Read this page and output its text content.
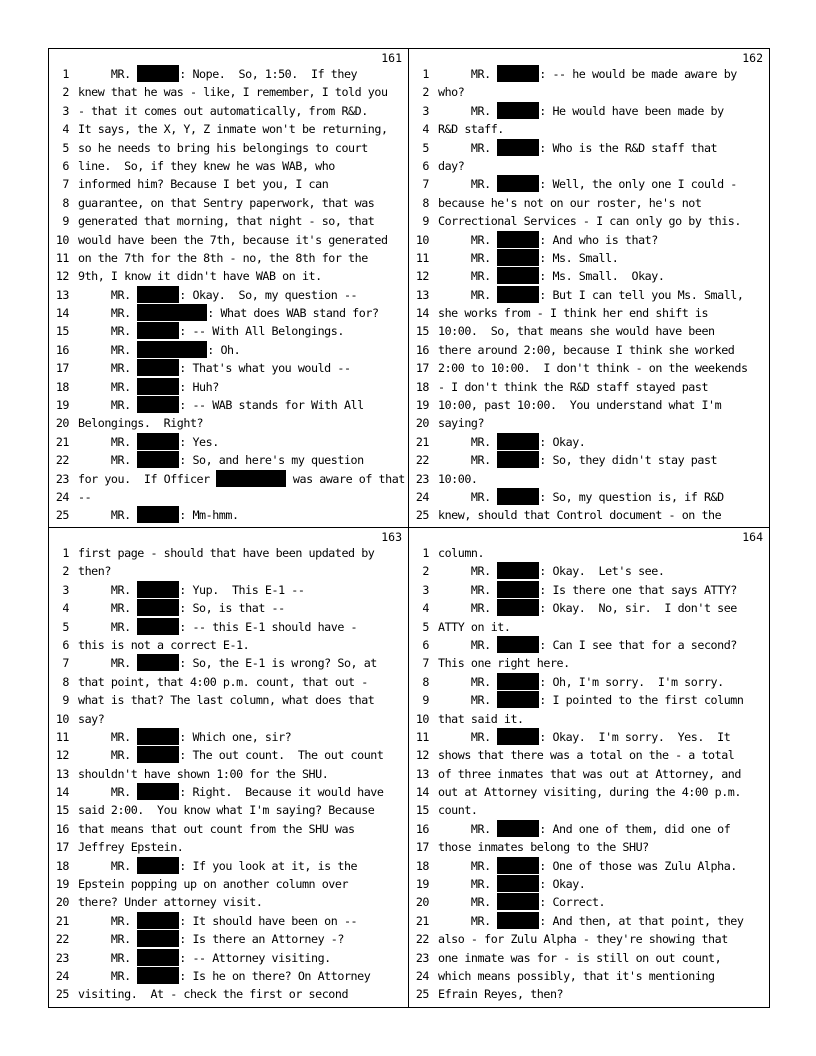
161
1     MR.	: Nope.  So, 1:50.  If they
2 knew that he was - like, I remember, I told you
3 - that it comes out automatically, from R&D.
4 It says, the X, Y, Z inmate won't be returning,
5 so he needs to bring his belongings to court
6 line.  So, if they knew he was WAB, who
7 informed him? Because I bet you, I can
8 guarantee, on that Sentry paperwork, that was
9 generated that morning, that night - so, that
10 would have been the 7th, because it's generated
11 on the 7th for the 8th - no, the 8th for the
12 9th, I know it didn't have WAB on it.
13     MR.	: Okay.  So, my question --
14     MR.	: What does WAB stand for?
15     MR.	: -- With All Belongings.
16     MR.	: Oh.
17     MR.	: That's what you would --
18     MR.	: Huh?
19     MR.	: -- WAB stands for With All
20 Belongings.  Right?
21     MR.	: Yes.
22     MR.	: So, and here's my question
23 for you.  If Officer	was aware of that
24 --
25     MR.	: Mm-hmm.
162
1     MR.	: -- he would be made aware by
2 who?
3     MR.	: He would have been made by
4 R&D staff.
5     MR.	: Who is the R&D staff that
6 day?
7     MR.	: Well, the only one I could -
8 because he's not on our roster, he's not
9 Correctional Services - I can only go by this.
10     MR.	: And who is that?
11     MR.	: Ms. Small.
12     MR.	: Ms. Small.  Okay.
13     MR.	: But I can tell you Ms. Small,
14 she works from - I think her end shift is
15 10:00.  So, that means she would have been
16 there around 2:00, because I think she worked
17 2:00 to 10:00.  I don't think - on the weekends
18 - I don't think the R&D staff stayed past
19 10:00, past 10:00.  You understand what I'm
20 saying?
21     MR.	: Okay.
22     MR.	: So, they didn't stay past
23 10:00.
24     MR.	: So, my question is, if R&D
25 knew, should that Control document - on the
163
1 first page - should that have been updated by
2 then?
3     MR.	: Yup.  This E-1 --
4     MR.	: So, is that --
5     MR.	: -- this E-1 should have -
6 this is not a correct E-1.
7     MR.	: So, the E-1 is wrong? So, at
8 that point, that 4:00 p.m. count, that out -
9 what is that? The last column, what does that
10 say?
11     MR.	: Which one, sir?
12     MR.	: The out count.  The out count
13 shouldn't have shown 1:00 for the SHU.
14     MR.	: Right.  Because it would have
15 said 2:00.  You know what I'm saying? Because
16 that means that out count from the SHU was
17 Jeffrey Epstein.
18     MR.	: If you look at it, is the
19 Epstein popping up on another column over
20 there? Under attorney visit.
21     MR.	: It should have been on --
22     MR.	: Is there an Attorney -?
23     MR.	: -- Attorney visiting.
24     MR.	: Is he on there? On Attorney
25 visiting.  At - check the first or second
164
1 column.
2     MR.	: Okay.  Let's see.
3     MR.	: Is there one that says ATTY?
4     MR.	: Okay.  No, sir.  I don't see
5 ATTY on it.
6     MR.	: Can I see that for a second?
7 This one right here.
8     MR.	: Oh, I'm sorry.  I'm sorry.
9     MR.	: I pointed to the first column
10 that said it.
11     MR.	: Okay.  I'm sorry.  Yes.  It
12 shows that there was a total on the - a total
13 of three inmates that was out at Attorney, and
14 out at Attorney visiting, during the 4:00 p.m.
15 count.
16     MR.	: And one of them, did one of
17 those inmates belong to the SHU?
18     MR.	: One of those was Zulu Alpha.
19     MR.	: Okay.
20     MR.	: Correct.
21     MR.	: And then, at that point, they
22 also - for Zulu Alpha - they're showing that
23 one inmate was for - is still on out count,
24 which means possibly, that it's mentioning
25 Efrain Reyes, then?
